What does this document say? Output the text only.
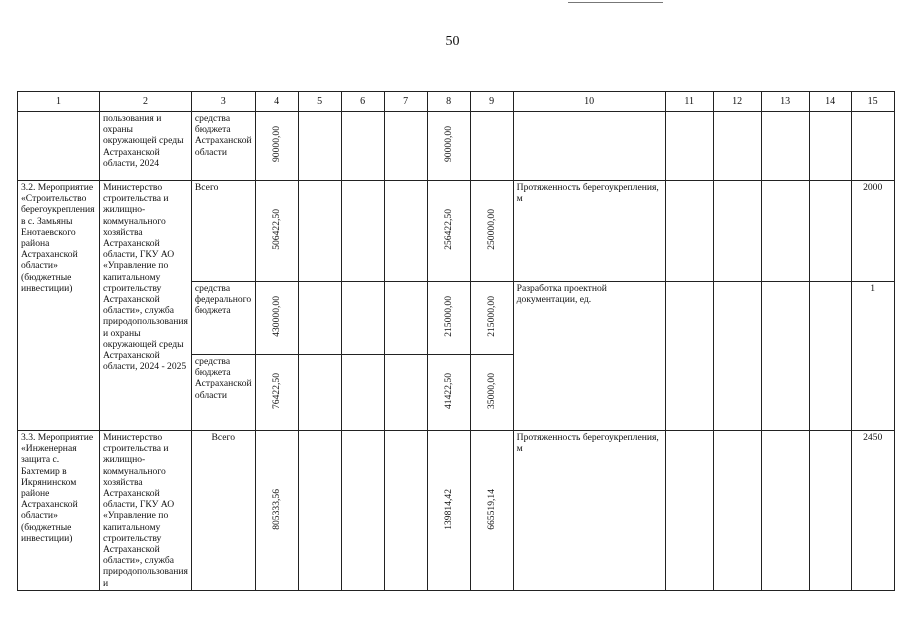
50
1	2	3	4	5	6	7	8	9	10	11	12	13	14	15
	пользования и охраны окружающей среды Астраханской области, 2024	средства бюджета Астраханской области	90000,00				90000,00							
3.2. Мероприятие «Строительство берегоукрепления в с. Замьяны Енотаевского района Астраханской области» (бюджетные инвестиции)	Министерство строительства и жилищно-коммунального хозяйства Астраханской области, ГКУ АО «Управление по капитальному строительству Астраханской области», служба природопользования и охраны окружающей среды Астраханской области, 2024 - 2025	Всего	506422,50				256422,50	250000,00	Протяженность берегоукрепления, м					2000

		средства федерального бюджета	430000,00				215000,00	215000,00	Разработка проектной документации, ед.					1
		средства бюджета Астраханской области	76422,50				41422,50	35000,00						
3.3. Мероприятие «Инженерная защита с. Бахтемир в Икрянинском районе Астраханской области» (бюджетные инвестиции)	Министерство строительства и жилищно-коммунального хозяйства Астраханской области, ГКУ АО «Управление по капитальному строительству Астраханской области», служба природопользования и	Всего	805333,56				139814,42	665519,14	Протяженность берегоукрепления, м					2450
